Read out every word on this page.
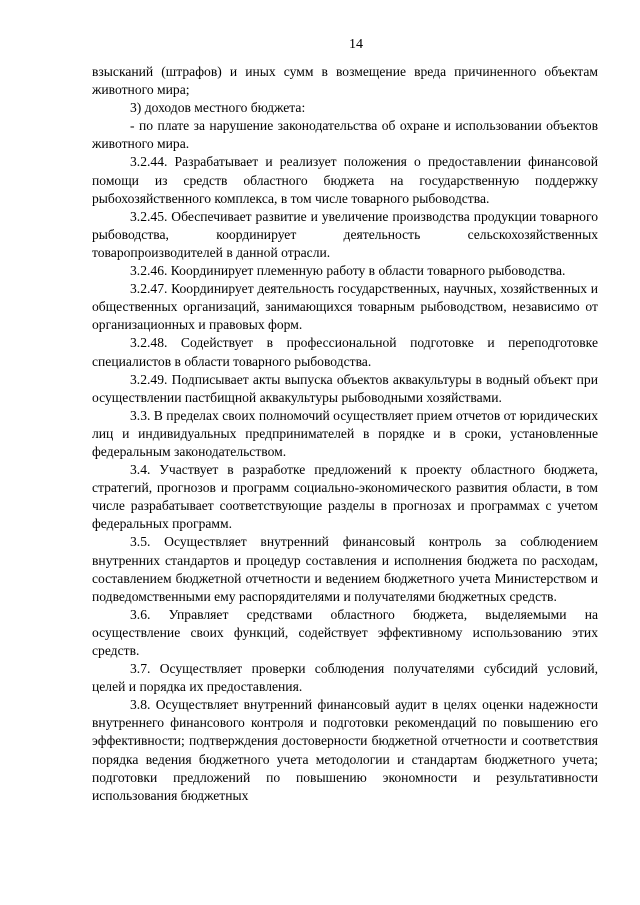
14

взысканий (штрафов) и иных сумм в возмещение вреда причиненного объектам животного мира;

3) доходов местного бюджета:

- по плате за нарушение законодательства об охране и использовании объектов животного мира.

3.2.44. Разрабатывает и реализует положения о предоставлении финансовой помощи из средств областного бюджета на государственную поддержку рыбохозяйственного комплекса, в том числе товарного рыбоводства.

3.2.45. Обеспечивает развитие и увеличение производства продукции товарного рыбоводства, координирует деятельность сельскохозяйственных товаропроизводителей в данной отрасли.

3.2.46. Координирует племенную работу в области товарного рыбоводства.

3.2.47. Координирует деятельность государственных, научных, хозяйственных и общественных организаций, занимающихся товарным рыбоводством, независимо от организационных и правовых форм.

3.2.48. Содействует в профессиональной подготовке и переподготовке специалистов в области товарного рыбоводства.

3.2.49. Подписывает акты выпуска объектов аквакультуры в водный объект при осуществлении пастбищной аквакультуры рыбоводными хозяйствами.

3.3. В пределах своих полномочий осуществляет прием отчетов от юридических лиц и индивидуальных предпринимателей в порядке и в сроки, установленные федеральным законодательством.

3.4. Участвует в разработке предложений к проекту областного бюджета, стратегий, прогнозов и программ социально-экономического развития области, в том числе разрабатывает соответствующие разделы в прогнозах и программах с учетом федеральных программ.

3.5. Осуществляет внутренний финансовый контроль за соблюдением внутренних стандартов и процедур составления и исполнения бюджета по расходам, составлением бюджетной отчетности и ведением бюджетного учета Министерством и подведомственными ему распорядителями и получателями бюджетных средств.

3.6. Управляет средствами областного бюджета, выделяемыми на осуществление своих функций, содействует эффективному использованию этих средств.

3.7. Осуществляет проверки соблюдения получателями субсидий условий, целей и порядка их предоставления.

3.8. Осуществляет внутренний финансовый аудит в целях оценки надежности внутреннего финансового контроля и подготовки рекомендаций по повышению его эффективности; подтверждения достоверности бюджетной отчетности и соответствия порядка ведения бюджетного учета методологии и стандартам бюджетного учета; подготовки предложений по повышению экономности и результативности использования бюджетных
